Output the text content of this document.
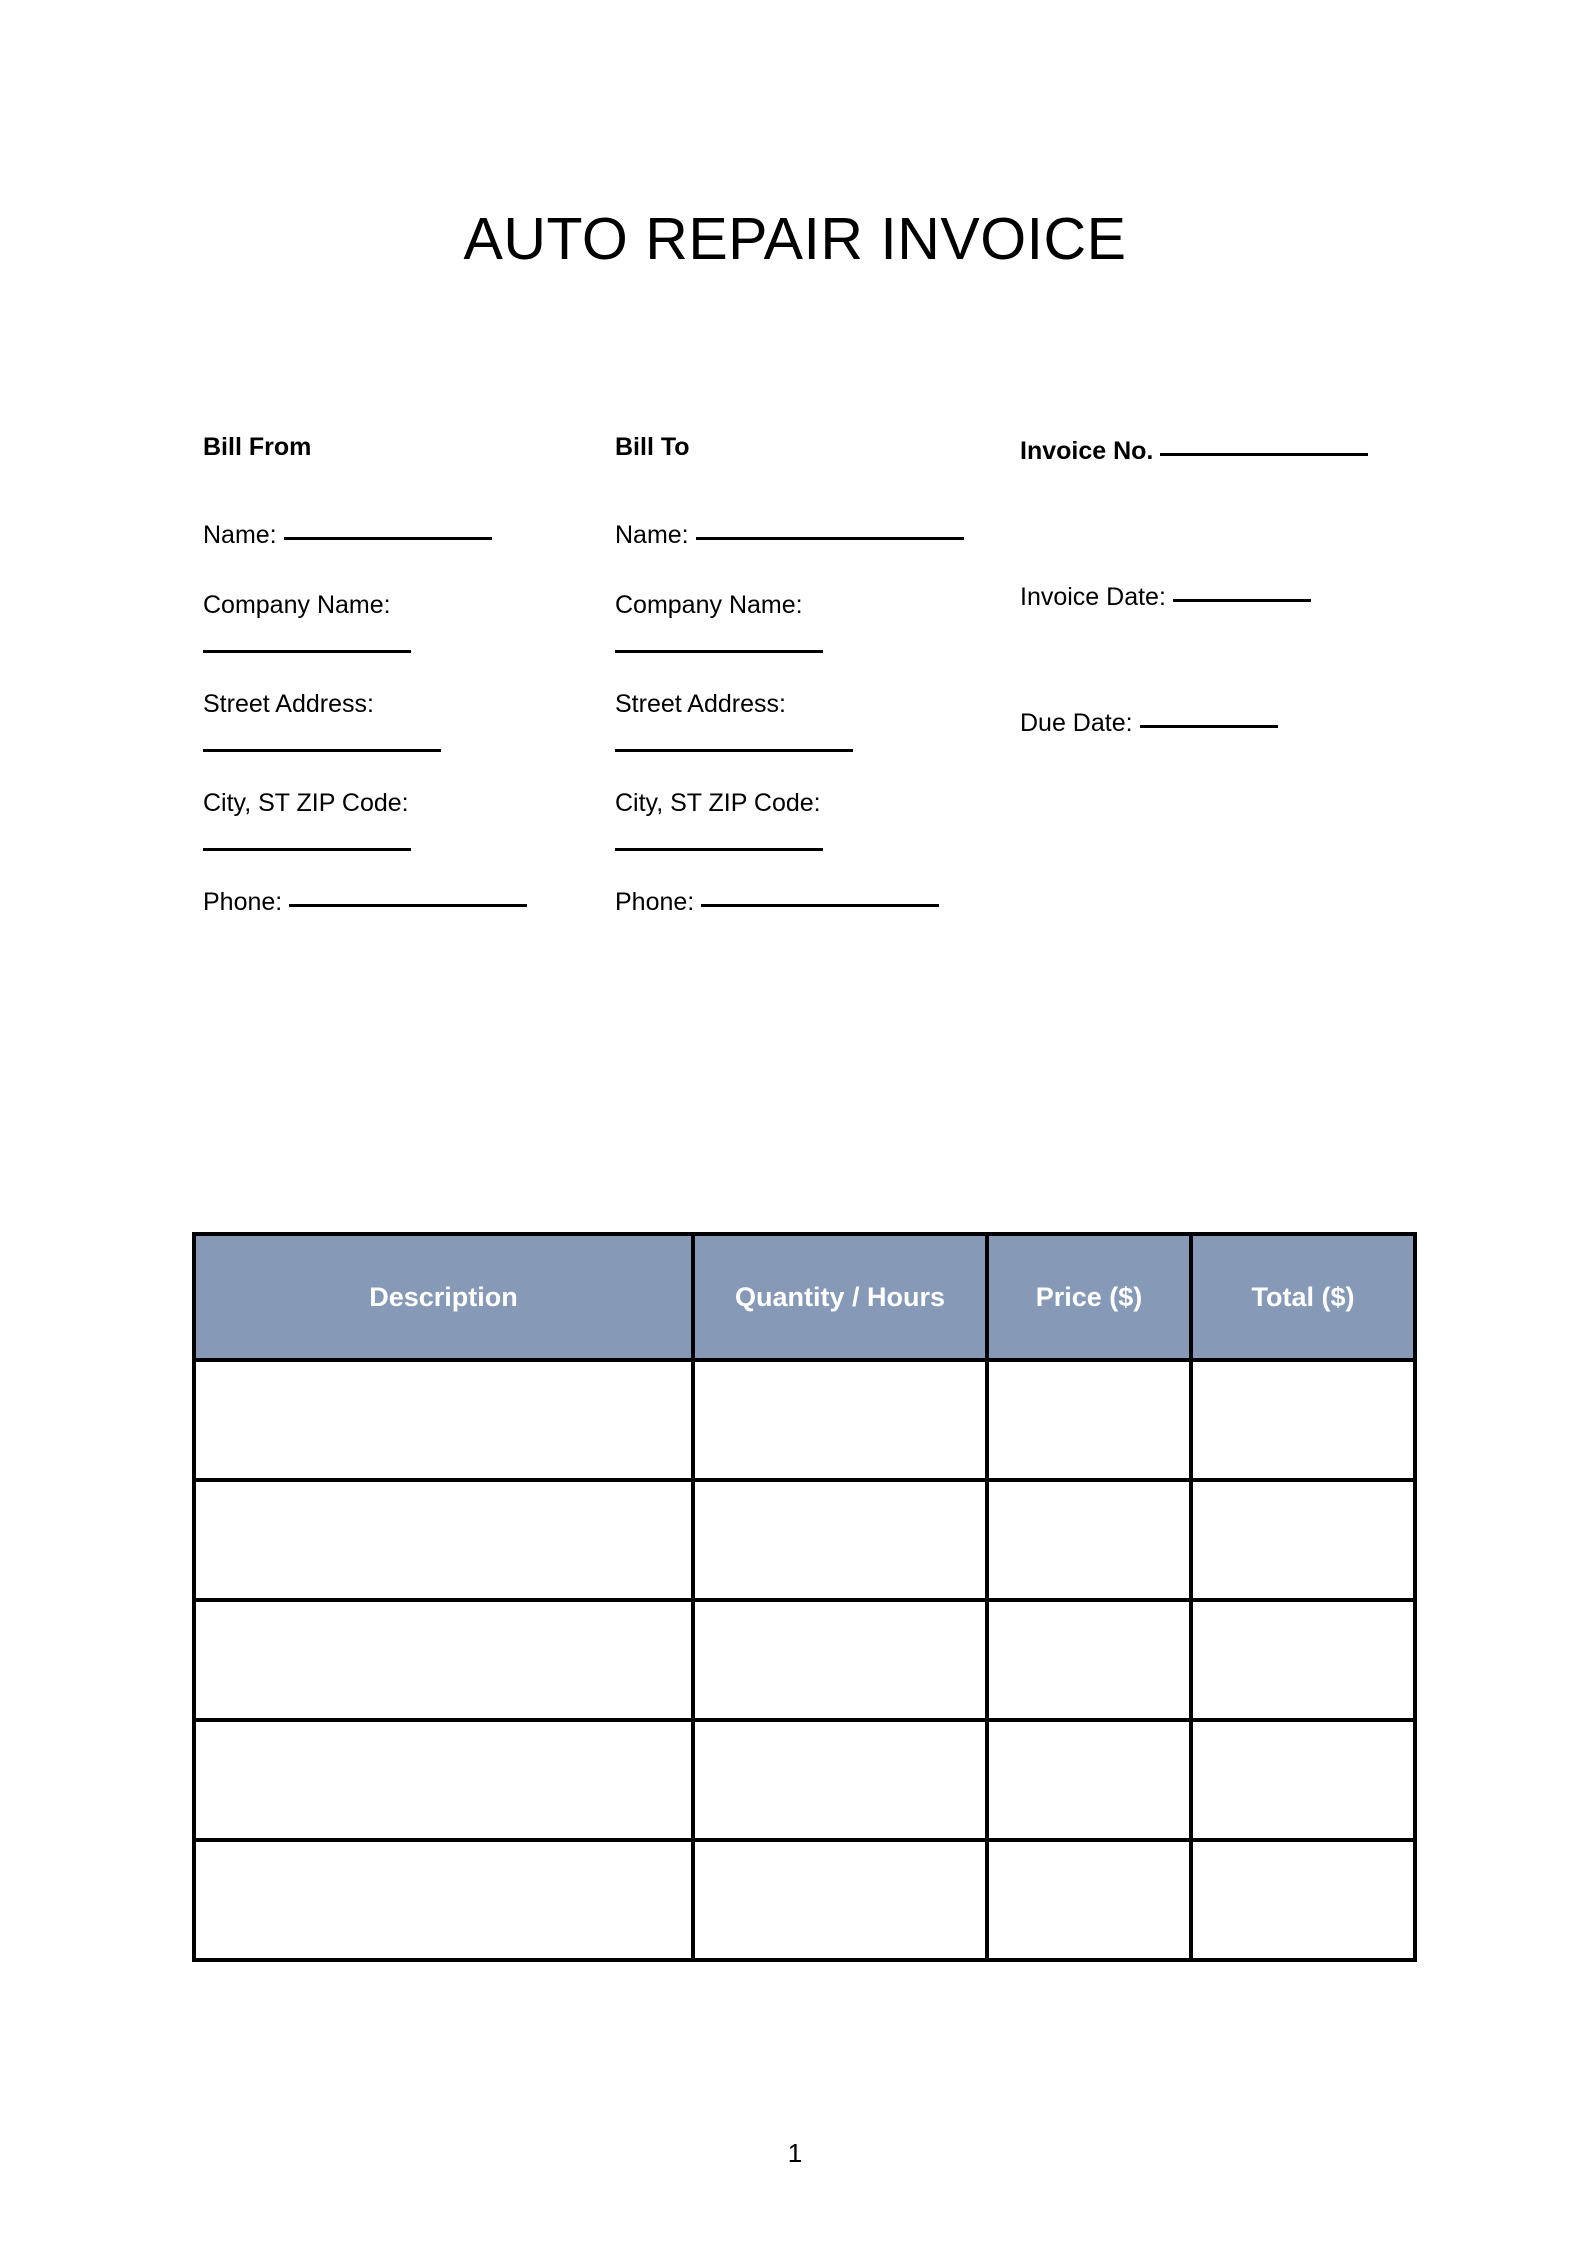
AUTO REPAIR INVOICE
Bill From
Name:
Company Name:
Street Address:
City, ST ZIP Code:
Phone:
Bill To
Name:
Company Name:
Street Address:
City, ST ZIP Code:
Phone:
Invoice No.
Invoice Date:
Due Date:
Description	Quantity / Hours	Price ($)	Total ($)

1
